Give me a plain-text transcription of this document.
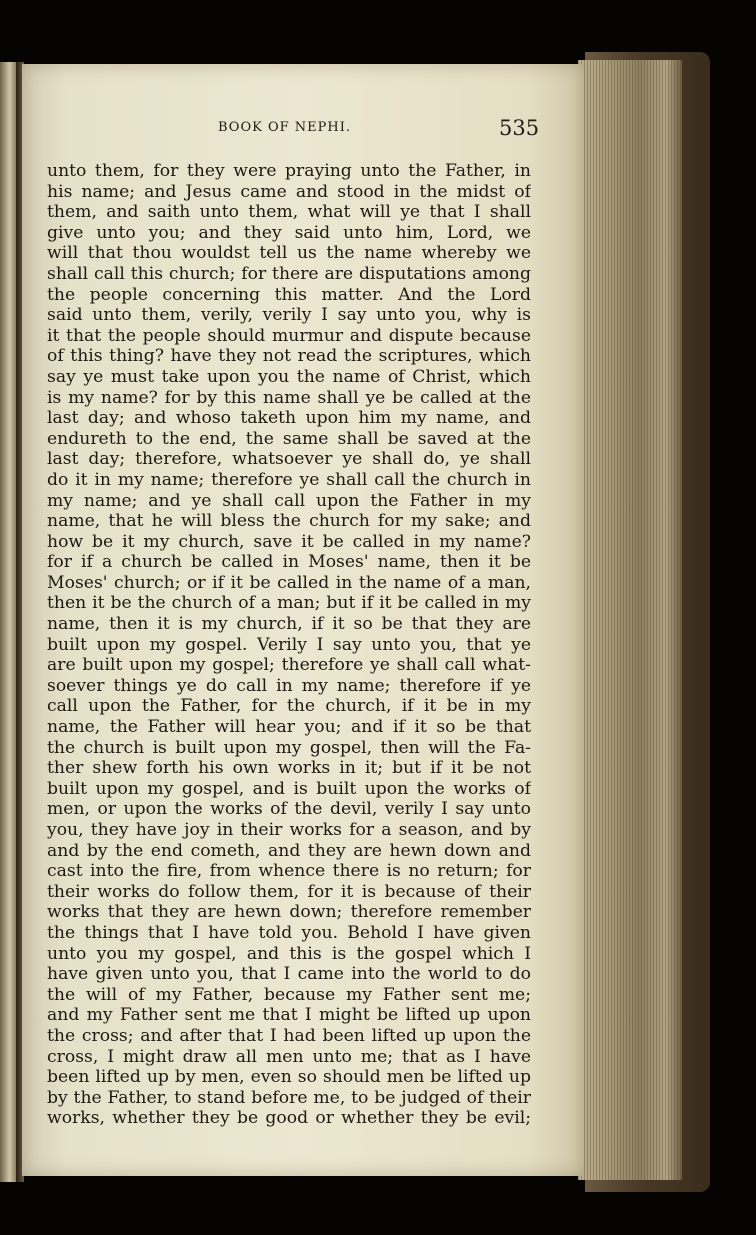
BOOK OF NEPHI.	535
unto them, for they were praying unto the Father, in
his name; and Jesus came and stood in the midst of
them, and saith unto them, what will ye that I shall
give unto you; and they said unto him, Lord, we
will that thou wouldst tell us the name whereby we
shall call this church; for there are disputations among
the people concerning this matter. And the Lord
said unto them, verily, verily I say unto you, why is
it that the people should murmur and dispute because
of this thing? have they not read the scriptures, which
say ye must take upon you the name of Christ, which
is my name? for by this name shall ye be called at the
last day; and whoso taketh upon him my name, and
endureth to the end, the same shall be saved at the
last day; therefore, whatsoever ye shall do, ye shall
do it in my name; therefore ye shall call the church in
my name; and ye shall call upon the Father in my
name, that he will bless the church for my sake; and
how be it my church, save it be called in my name?
for if a church be called in Moses' name, then it be
Moses' church; or if it be called in the name of a man,
then it be the church of a man; but if it be called in my
name, then it is my church, if it so be that they are
built upon my gospel. Verily I say unto you, that ye
are built upon my gospel; therefore ye shall call what-
soever things ye do call in my name; therefore if ye
call upon the Father, for the church, if it be in my
name, the Father will hear you; and if it so be that
the church is built upon my gospel, then will the Fa-
ther shew forth his own works in it; but if it be not
built upon my gospel, and is built upon the works of
men, or upon the works of the devil, verily I say unto
you, they have joy in their works for a season, and by
and by the end cometh, and they are hewn down and
cast into the fire, from whence there is no return; for
their works do follow them, for it is because of their
works that they are hewn down; therefore remember
the things that I have told you. Behold I have given
unto you my gospel, and this is the gospel which I
have given unto you, that I came into the world to do
the will of my Father, because my Father sent me;
and my Father sent me that I might be lifted up upon
the cross; and after that I had been lifted up upon the
cross, I might draw all men unto me; that as I have
been lifted up by men, even so should men be lifted up
by the Father, to stand before me, to be judged of their
works, whether they be good or whether they be evil;
